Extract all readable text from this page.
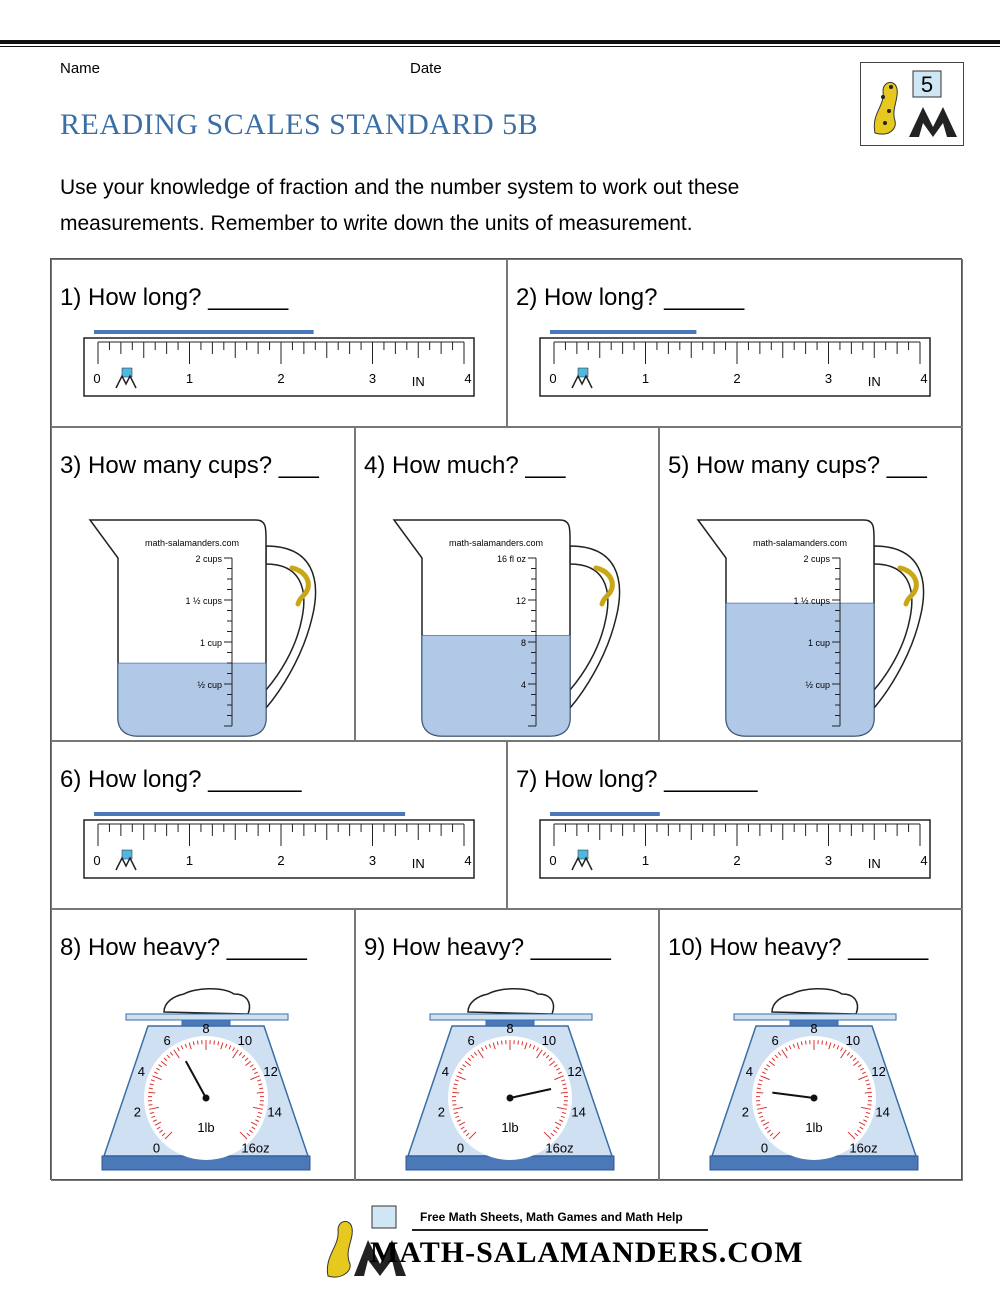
Name	Date
READING SCALES STANDARD 5B
Use your knowledge of fraction and the number system to work out these measurements. Remember to write down the units of measurement.
5
1) How long? ______
0	1	2	3	4
IN
2) How long? ______
0	1	2	3	4
IN
3) How many cups? ___
math-salamanders.com
2 cups
1 ½ cups
1 cup
½ cup
4) How much? ___
math-salamanders.com
16 fl oz
12
8
4
5) How many cups? ___
math-salamanders.com
2 cups
1 ½ cups
1 cup
½ cup
6) How long? _______
0	1	2	3	4
IN
7) How long? _______
0	1	2	3	4
IN
8) How heavy? ______
0
2
4
6
8
10
12
14
16oz
1lb
9) How heavy? ______
0
2
4
6
8
10
12
14
16oz
1lb
10) How heavy? ______
0
2
4
6
8
10
12
14
16oz
1lb
Free Math Sheets, Math Games and Math Help
MATH-SALAMANDERS.COM
